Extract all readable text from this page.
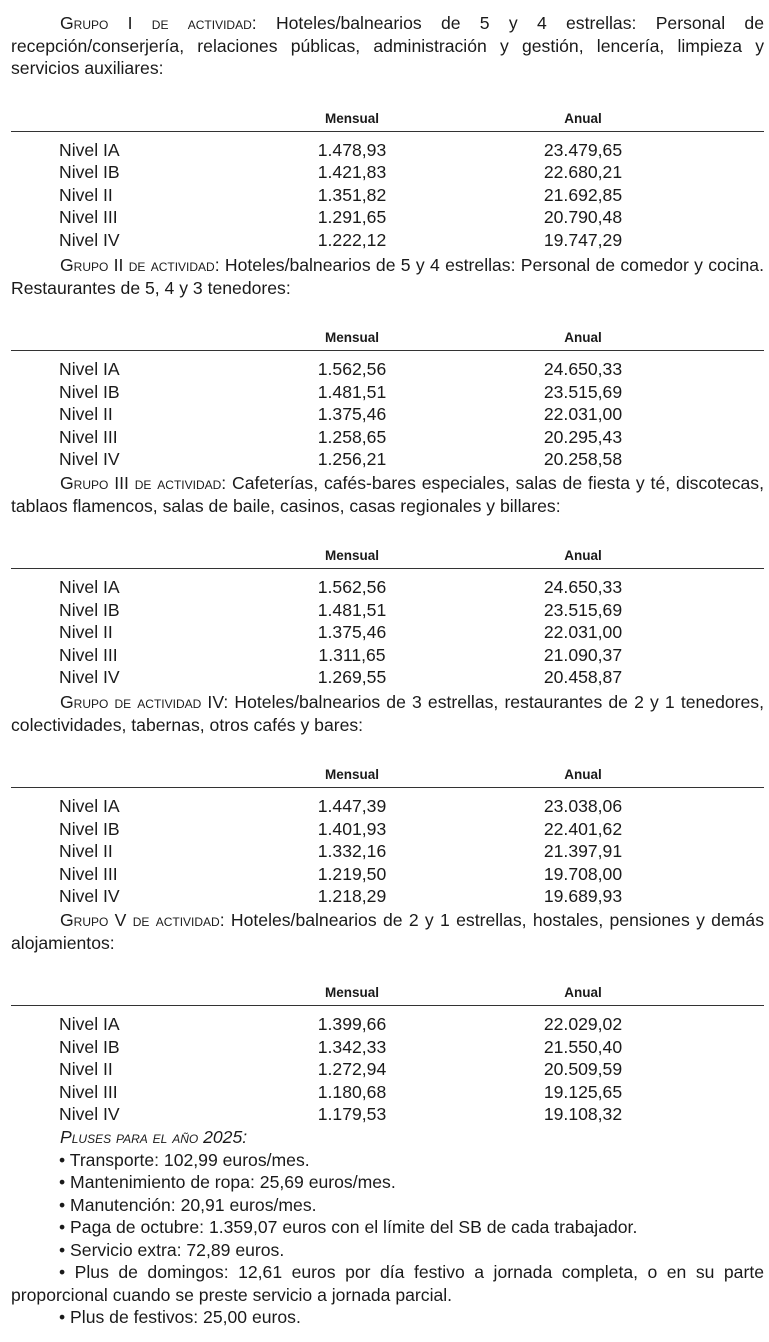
Grupo I de actividad: Hoteles/balnearios de 5 y 4 estrellas: Personal de recepción/conserjería, relaciones públicas, administración y gestión, lencería, limpieza y servicios auxiliares:

Mensual	Anual
Nivel IA	1.478,93	23.479,65
Nivel IB	1.421,83	22.680,21
Nivel II	1.351,82	21.692,85
Nivel III	1.291,65	20.790,48
Nivel IV	1.222,12	19.747,29

Grupo II de actividad: Hoteles/balnearios de 5 y 4 estrellas: Personal de comedor y cocina. Restaurantes de 5, 4 y 3 tenedores:

Mensual	Anual
Nivel IA	1.562,56	24.650,33
Nivel IB	1.481,51	23.515,69
Nivel II	1.375,46	22.031,00
Nivel III	1.258,65	20.295,43
Nivel IV	1.256,21	20.258,58

Grupo III de actividad: Cafeterías, cafés-bares especiales, salas de fiesta y té, discotecas, tablaos flamencos, salas de baile, casinos, casas regionales y billares:

Mensual	Anual
Nivel IA	1.562,56	24.650,33
Nivel IB	1.481,51	23.515,69
Nivel II	1.375,46	22.031,00
Nivel III	1.311,65	21.090,37
Nivel IV	1.269,55	20.458,87

Grupo de actividad IV: Hoteles/balnearios de 3 estrellas, restaurantes de 2 y 1 tenedores, colectividades, tabernas, otros cafés y bares:

Mensual	Anual
Nivel IA	1.447,39	23.038,06
Nivel IB	1.401,93	22.401,62
Nivel II	1.332,16	21.397,91
Nivel III	1.219,50	19.708,00
Nivel IV	1.218,29	19.689,93

Grupo V de actividad: Hoteles/balnearios de 2 y 1 estrellas, hostales, pensiones y demás alojamientos:

Mensual	Anual
Nivel IA	1.399,66	22.029,02
Nivel IB	1.342,33	21.550,40
Nivel II	1.272,94	20.509,59
Nivel III	1.180,68	19.125,65
Nivel IV	1.179,53	19.108,32

Pluses para el año 2025:

• Transporte: 102,99 euros/mes.

• Mantenimiento de ropa: 25,69 euros/mes.

• Manutención: 20,91 euros/mes.

• Paga de octubre: 1.359,07 euros con el límite del SB de cada trabajador.

• Servicio extra: 72,89 euros.

• Plus de domingos: 12,61 euros por día festivo a jornada completa, o en su parte proporcional cuando se preste servicio a jornada parcial.

• Plus de festivos: 25,00 euros.
